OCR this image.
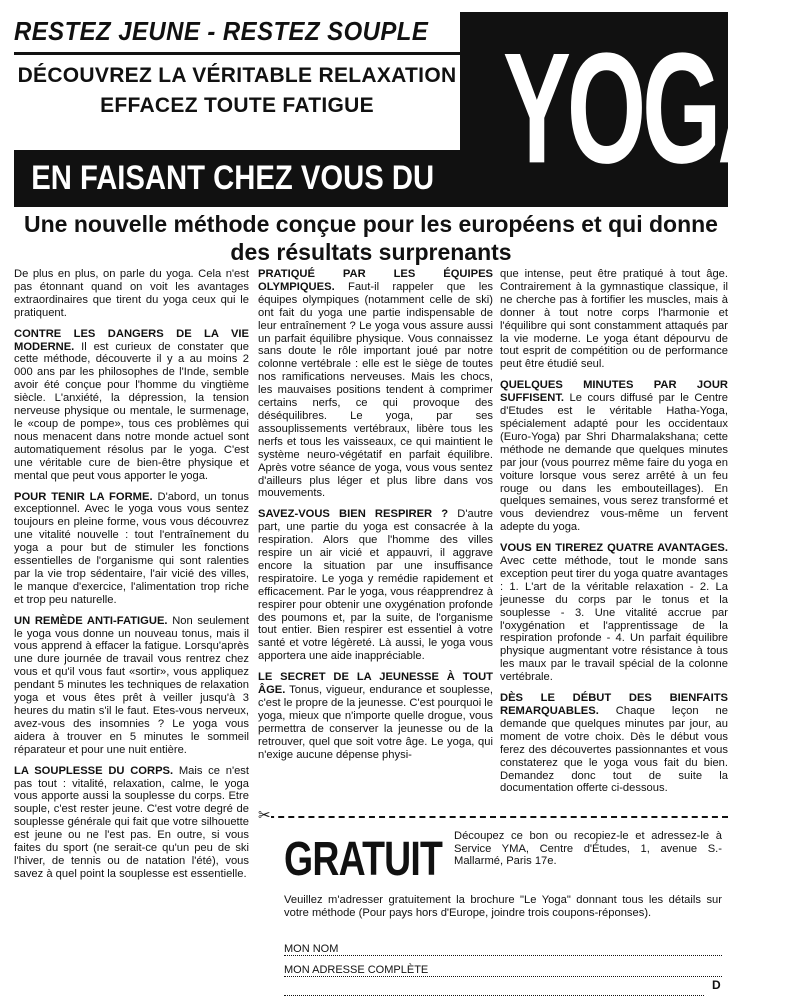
RESTEZ JEUNE - RESTEZ SOUPLE
DÉCOUVREZ LA VÉRITABLE RELAXATION
EFFACEZ TOUTE FATIGUE YOGA
EN FAISANT CHEZ VOUS DU
Une nouvelle méthode conçue pour les européens et qui donne des résultats surprenants

De plus en plus, on parle du yoga. Cela n'est pas étonnant quand on voit les avantages extraordinaires que tirent du yoga ceux qui le pratiquent.

CONTRE LES DANGERS DE LA VIE MODERNE. Il est curieux de constater que cette méthode, découverte il y a au moins 2 000 ans par les philosophes de l'Inde, semble avoir été conçue pour l'homme du vingtième siècle. L'anxiété, la dépression, la tension nerveuse physique ou mentale, le surmenage, le «coup de pompe», tous ces problèmes qui nous menacent dans notre monde actuel sont automatiquement résolus par le yoga. C'est une véritable cure de bien-être physique et mental que peut vous apporter le yoga.

POUR TENIR LA FORME. D'abord, un tonus exceptionnel. Avec le yoga vous vous sentez toujours en pleine forme, vous vous découvrez une vitalité nouvelle : tout l'entraînement du yoga a pour but de stimuler les fonctions essentielles de l'organisme qui sont ralenties par la vie trop sédentaire, l'air vicié des villes, le manque d'exercice, l'alimentation trop riche et trop peu naturelle.

UN REMÈDE ANTI-FATIGUE. Non seulement le yoga vous donne un nouveau tonus, mais il vous apprend à effacer la fatigue. Lorsqu'après une dure journée de travail vous rentrez chez vous et qu'il vous faut «sortir», vous appliquez pendant 5 minutes les techniques de relaxation yoga et vous êtes prêt à veiller jusqu'à 3 heures du matin s'il le faut. Etes-vous nerveux, avez-vous des insomnies ? Le yoga vous aidera à trouver en 5 minutes le sommeil réparateur et pour une nuit entière.

LA SOUPLESSE DU CORPS. Mais ce n'est pas tout : vitalité, relaxation, calme, le yoga vous apporte aussi la souplesse du corps. Etre souple, c'est rester jeune. C'est votre degré de souplesse générale qui fait que votre silhouette est jeune ou ne l'est pas. En outre, si vous faites du sport (ne serait-ce qu'un peu de ski l'hiver, de tennis ou de natation l'été), vous savez à quel point la souplesse est essentielle.

PRATIQUÉ PAR LES ÉQUIPES OLYMPIQUES. Faut-il rappeler que les équipes olympiques (notamment celle de ski) ont fait du yoga une partie indispensable de leur entraînement ? Le yoga vous assure aussi un parfait équilibre physique. Vous connaissez sans doute le rôle important joué par notre colonne vertébrale : elle est le siège de toutes nos ramifications nerveuses. Mais les chocs, les mauvaises positions tendent à comprimer certains nerfs, ce qui provoque des déséquilibres. Le yoga, par ses assouplissements vertébraux, libère tous les nerfs et tous les vaisseaux, ce qui maintient le système neuro-végétatif en parfait équilibre. Après votre séance de yoga, vous vous sentez d'ailleurs plus léger et plus libre dans vos mouvements.

SAVEZ-VOUS BIEN RESPIRER ? D'autre part, une partie du yoga est consacrée à la respiration. Alors que l'homme des villes respire un air vicié et appauvri, il aggrave encore la situation par une insuffisance respiratoire. Le yoga y remédie rapidement et efficacement. Par le yoga, vous réapprendrez à respirer pour obtenir une oxygénation profonde des poumons et, par la suite, de l'organisme tout entier. Bien respirer est essentiel à votre santé et votre légèreté. Là aussi, le yoga vous apportera une aide inappréciable.

LE SECRET DE LA JEUNESSE À TOUT ÂGE. Tonus, vigueur, endurance et souplesse, c'est le propre de la jeunesse. C'est pourquoi le yoga, mieux que n'importe quelle drogue, vous permettra de conserver la jeunesse ou de la retrouver, quel que soit votre âge. Le yoga, qui n'exige aucune dépense physi-

que intense, peut être pratiqué à tout âge. Contrairement à la gymnastique classique, il ne cherche pas à fortifier les muscles, mais à donner à tout notre corps l'harmonie et l'équilibre qui sont constamment attaqués par la vie moderne. Le yoga étant dépourvu de tout esprit de compétition ou de performance peut être étudié seul.

QUELQUES MINUTES PAR JOUR SUFFISENT. Le cours diffusé par le Centre d'Etudes est le véritable Hatha-Yoga, spécialement adapté pour les occidentaux (Euro-Yoga) par Shri Dharmalakshana; cette méthode ne demande que quelques minutes par jour (vous pourrez même faire du yoga en voiture lorsque vous serez arrêté à un feu rouge ou dans les embouteillages). En quelques semaines, vous serez transformé et vous deviendrez vous-même un fervent adepte du yoga.

VOUS EN TIREREZ QUATRE AVANTAGES. Avec cette méthode, tout le monde sans exception peut tirer du yoga quatre avantages : 1. L'art de la véritable relaxation - 2. La jeunesse du corps par le tonus et la souplesse - 3. Une vitalité accrue par l'oxygénation et l'apprentissage de la respiration profonde - 4. Un parfait équilibre physique augmentant votre résistance à tous les maux par le travail spécial de la colonne vertébrale.

DÈS LE DÉBUT DES BIENFAITS REMARQUABLES. Chaque leçon ne demande que quelques minutes par jour, au moment de votre choix. Dès le début vous ferez des découvertes passionnantes et vous constaterez que le yoga vous fait du bien. Demandez donc tout de suite la documentation offerte ci-dessous.

✂
GRATUIT Découpez ce bon ou recopiez-le et adressez-le à Service YMA, Centre d'Études, 1, avenue S.-Mallarmé, Paris 17e.
Veuillez m'adresser gratuitement la brochure "Le Yoga" donnant tous les détails sur votre méthode (Pour pays hors d'Europe, joindre trois coupons-réponses).
MON NOM
MON ADRESSE COMPLÈTE
D
